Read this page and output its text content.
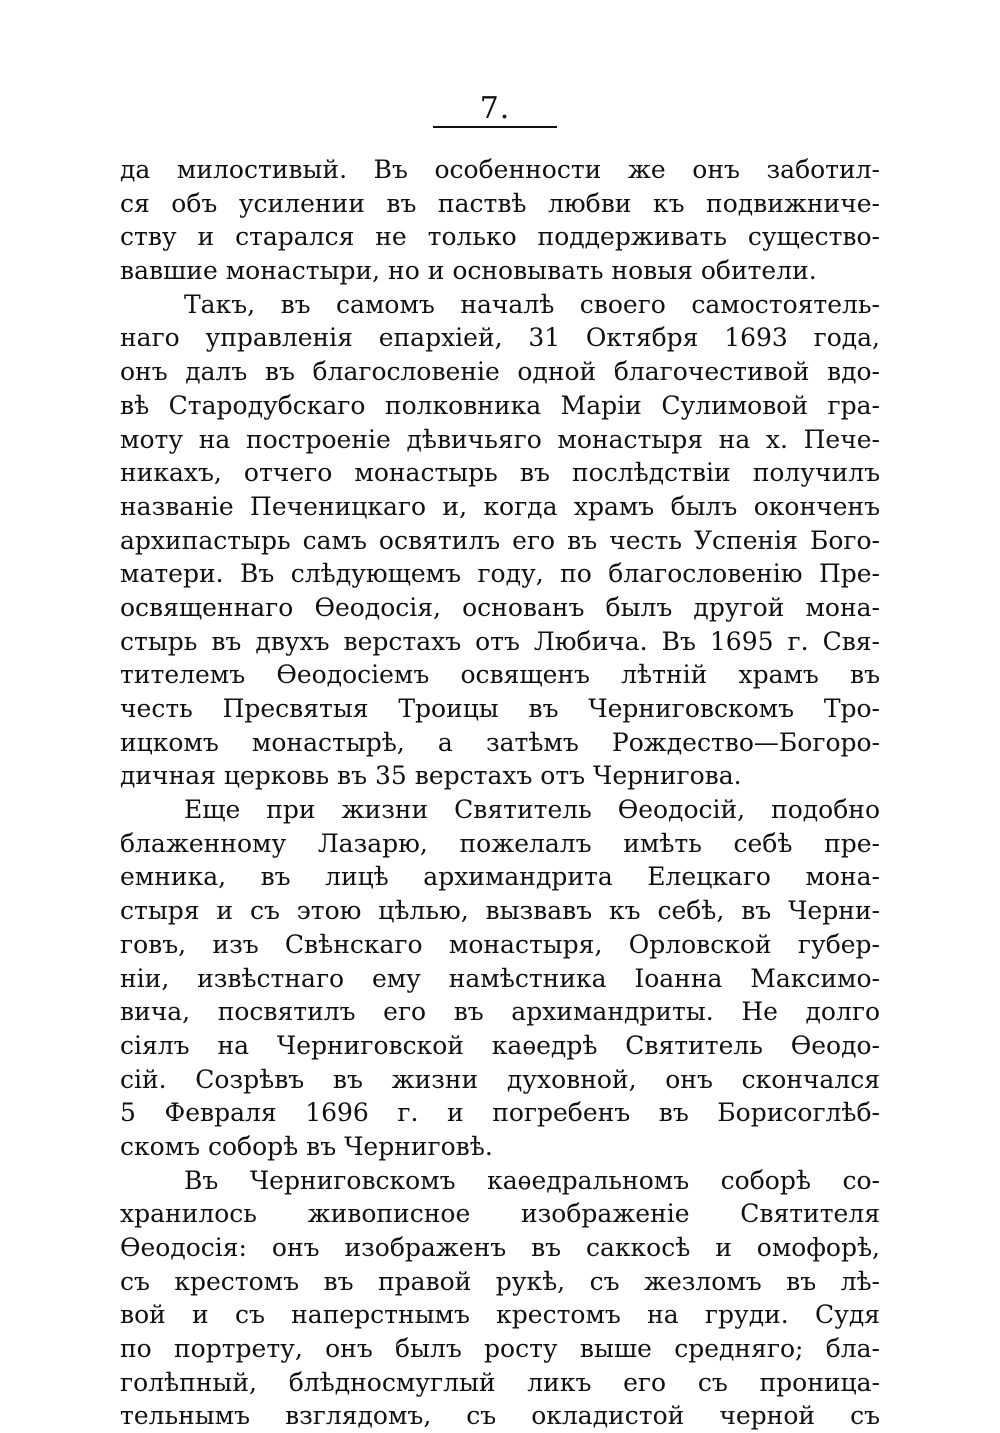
7.
да милостивый. Въ особенности же онъ заботил-
ся объ усилении въ паствѣ любви къ подвижниче-
ству и старался не только поддерживать существо-
вавшие монастыри, но и основывать новыя обители.
Такъ, въ самомъ началѣ своего самостоятель-
наго управленія епархіей, 31 Октября 1693 года,
онъ далъ въ благословеніе одной благочестивой вдо-
вѣ Стародубскаго полковника Маріи Сулимовой гра-
моту на построеніе дѣвичьяго монастыря на х. Пече-
никахъ, отчего монастырь въ послѣдствіи получилъ
названіе Печеницкаго и, когда храмъ былъ оконченъ
архипастырь самъ освятилъ его въ честь Успенія Бого-
матери. Въ слѣдующемъ году, по благословенію Пре-
освященнаго Ѳеодосія, основанъ былъ другой мона-
стырь въ двухъ верстахъ отъ Любича. Въ 1695 г. Свя-
тителемъ Ѳеодосіемъ освященъ лѣтній храмъ въ
честь Пресвятыя Троицы въ Черниговскомъ Тро-
ицкомъ монастырѣ, а затѣмъ Рождество—Богоро-
дичная церковь въ 35 верстахъ отъ Чернигова.
Еще при жизни Святитель Ѳеодосій, подобно
блаженному Лазарю, пожелалъ имѣть себѣ пре-
емника, въ лицѣ архимандрита Елецкаго мона-
стыря и съ этою цѣлью, вызвавъ къ себѣ, въ Черни-
говъ, изъ Свѣнскаго монастыря, Орловской губер-
ніи, извѣстнаго ему намѣстника Іоанна Максимо-
вича, посвятилъ его въ архимандриты. Не долго
сіялъ на Черниговской каѳедрѣ Святитель Ѳеодо-
сій. Созрѣвъ въ жизни духовной, онъ скончался
5 Февраля 1696 г. и погребенъ въ Борисоглѣб-
скомъ соборѣ въ Черниговѣ.
Въ Черниговскомъ каѳедральномъ соборѣ со-
хранилось живописное изображеніе Святителя
Ѳеодосія: онъ изображенъ въ саккосѣ и омофорѣ,
съ крестомъ въ правой рукѣ, съ жезломъ въ лѣ-
вой и съ наперстнымъ крестомъ на груди. Судя
по портрету, онъ былъ росту выше средняго; бла-
голѣпный, блѣдносмуглый ликъ его съ проница-
тельнымъ взглядомъ, съ окладистой черной съ
